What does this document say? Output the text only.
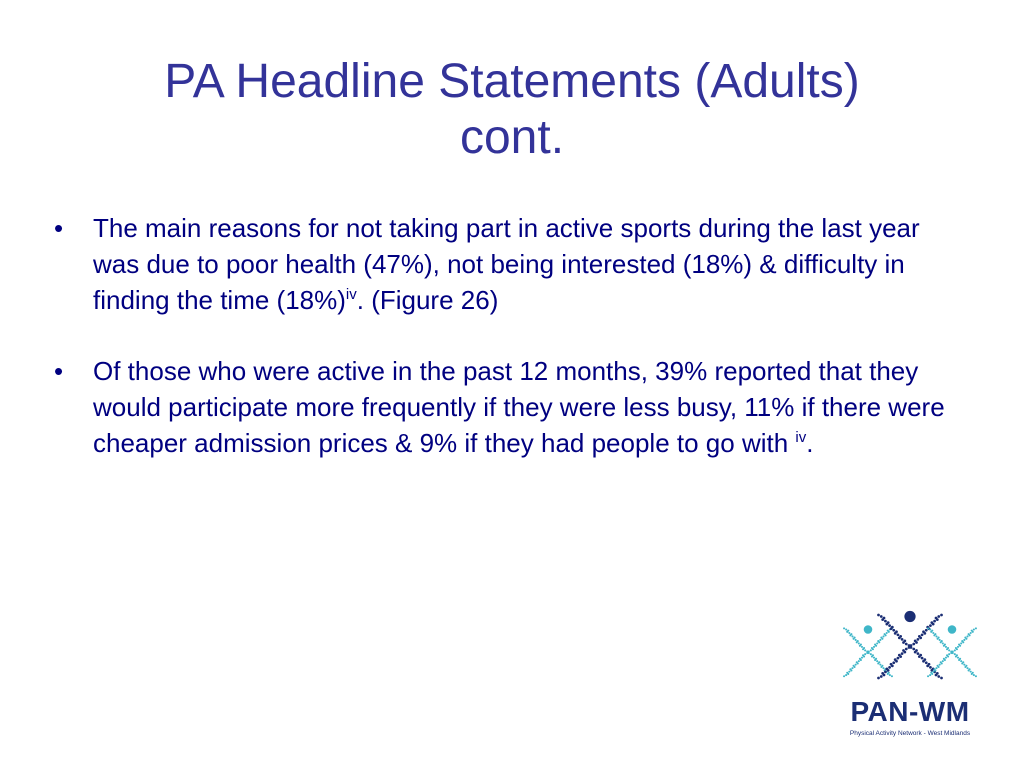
PA Headline Statements (Adults)
cont.
• The main reasons for not taking part in active sports during the last year was due to poor health (47%), not being interested (18%) & difficulty in finding the time $(18\%)^{iv}$. (Figure 26)
• Of those who were active in the past 12 months, 39% reported that they would participate more frequently if they were less busy, 11% if there were cheaper admission prices & 9% if they had people to go with $^{iv}$.
PAN-WM
Physical Activity Network - West Midlands
